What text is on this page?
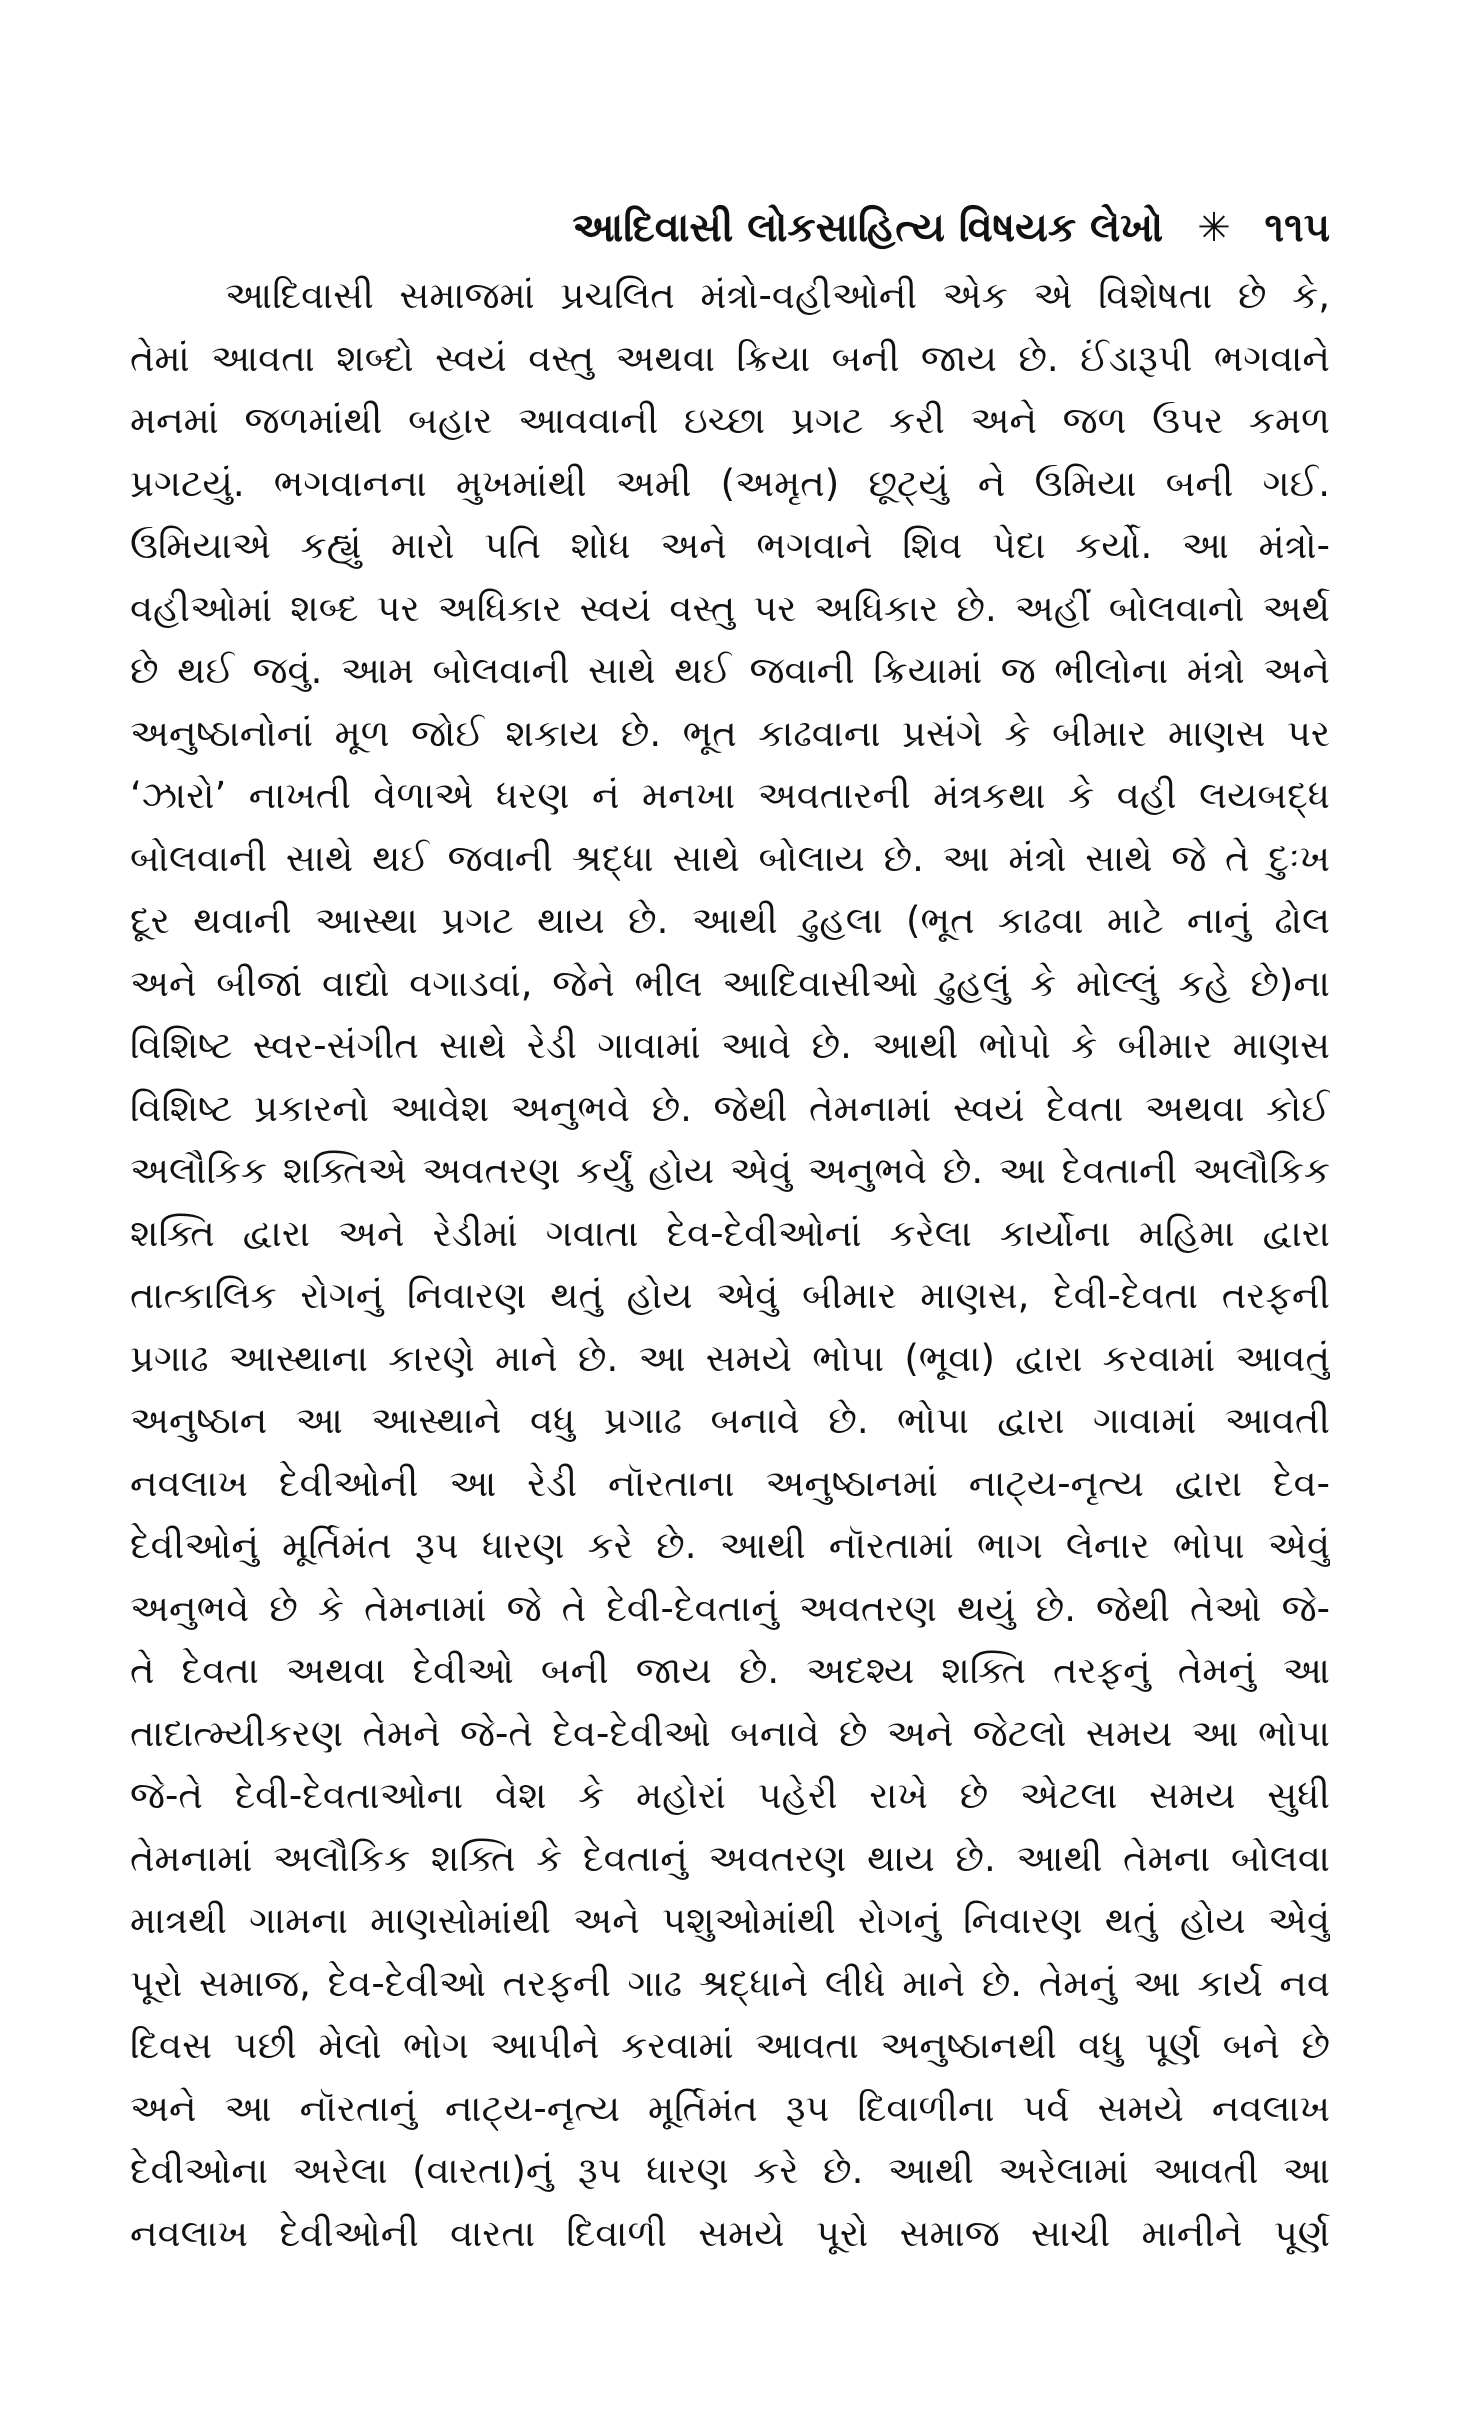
આદિવાસી લોકસાહિત્ય વિષયક લેખો ✳ ૧૧૫
આદિવાસી સમાજમાં પ્રચલિત મંત્રો-વહીઓની એક એ વિશેષતા છે કે,
તેમાં આવતા શબ્દો સ્વયં વસ્તુ અથવા ક્રિયા બની જાય છે. ઈંડારૂપી ભગવાને
મનમાં જળમાંથી બહાર આવવાની ઇચ્છા પ્રગટ કરી અને જળ ઉપર કમળ
પ્રગટયું. ભગવાનના મુખમાંથી અમી (અમૃત) છૂટ્યું ને ઉમિયા બની ગઈ.
ઉમિયાએ કહ્યું મારો પતિ શોધ અને ભગવાને શિવ પેદા કર્યો. આ મંત્રો-
વહીઓમાં શબ્દ પર અધિકાર સ્વયં વસ્તુ પર અધિકાર છે. અહીં બોલવાનો અર્થ
છે થઈ જવું. આમ બોલવાની સાથે થઈ જવાની ક્રિયામાં જ ભીલોના મંત્રો અને
અનુષ્ઠાનોનાં મૂળ જોઈ શકાય છે. ભૂત કાઢવાના પ્રસંગે કે બીમાર માણસ પર
‘ઝારો’ નાખતી વેળાએ ધરણ નં મનખા અવતારની મંત્રકથા કે વહી લયબદ્ધ
બોલવાની સાથે થઈ જવાની શ્રદ્ધા સાથે બોલાય છે. આ મંત્રો સાથે જે તે દુઃખ
દૂર થવાની આસ્થા પ્રગટ થાય છે. આથી ઢુહલા (ભૂત કાઢવા માટે નાનું ઢોલ
અને બીજાં વાદ્યો વગાડવાં, જેને ભીલ આદિવાસીઓ ઢુહલું કે મોલ્લું કહે છે)ના
વિશિષ્ટ સ્વર-સંગીત સાથે રેડી ગાવામાં આવે છે. આથી ભોપો કે બીમાર માણસ
વિશિષ્ટ પ્રકારનો આવેશ અનુભવે છે. જેથી તેમનામાં સ્વયં દેવતા અથવા કોઈ
અલૌકિક શક્તિએ અવતરણ કર્યું હોય એવું અનુભવે છે. આ દેવતાની અલૌકિક
શક્તિ દ્વારા અને રેડીમાં ગવાતા દેવ-દેવીઓનાં કરેલા કાર્યોના મહિમા દ્વારા
તાત્કાલિક રોગનું નિવારણ થતું હોય એવું બીમાર માણસ, દેવી-દેવતા તરફની
પ્રગાઢ આસ્થાના કારણે માને છે. આ સમયે ભોપા (ભૂવા) દ્વારા કરવામાં આવતું
અનુષ્ઠાન આ આસ્થાને વધુ પ્રગાઢ બનાવે છે. ભોપા દ્વારા ગાવામાં આવતી
નવલાખ દેવીઓની આ રેડી નૉરતાના અનુષ્ઠાનમાં નાટ્ય-નૃત્ય દ્વારા દેવ-
દેવીઓનું મૂર્તિમંત રૂપ ધારણ કરે છે. આથી નૉરતામાં ભાગ લેનાર ભોપા એવું
અનુભવે છે કે તેમનામાં જે તે દેવી-દેવતાનું અવતરણ થયું છે. જેથી તેઓ જે-
તે દેવતા અથવા દેવીઓ બની જાય છે. અદશ્ય શક્તિ તરફનું તેમનું આ
તાદાત્મ્યીકરણ તેમને જે-તે દેવ-દેવીઓ બનાવે છે અને જેટલો સમય આ ભોપા
જે-તે દેવી-દેવતાઓના વેશ કે મહોરાં પહેરી રાખે છે એટલા સમય સુધી
તેમનામાં અલૌકિક શક્તિ કે દેવતાનું અવતરણ થાય છે. આથી તેમના બોલવા
માત્રથી ગામના માણસોમાંથી અને પશુઓમાંથી રોગનું નિવારણ થતું હોય એવું
પૂરો સમાજ, દેવ-દેવીઓ તરફની ગાઢ શ્રદ્ધાને લીધે માને છે. તેમનું આ કાર્ય નવ
દિવસ પછી મેલો ભોગ આપીને કરવામાં આવતા અનુષ્ઠાનથી વધુ પૂર્ણ બને છે
અને આ નૉરતાનું નાટ્ય-નૃત્ય મૂર્તિમંત રૂપ દિવાળીના પર્વ સમયે નવલાખ
દેવીઓના અરેલા (વારતા)નું રૂપ ધારણ કરે છે. આથી અરેલામાં આવતી આ
નવલાખ દેવીઓની વારતા દિવાળી સમયે પૂરો સમાજ સાચી માનીને પૂર્ણ
